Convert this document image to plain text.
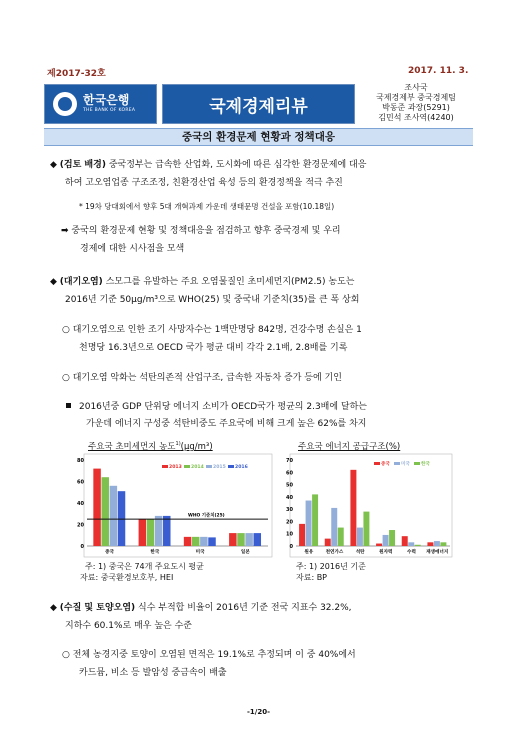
제2017-32호	2017. 11. 3.
한국은행
THE BANK OF KOREA	국제경제리뷰
조사국
국제경제부 중국경제팀
박동준 과장(5291)
김민석 조사역(4240)
중국의 환경문제 현황과 정책대응
◆ (검토 배경) 중국정부는 급속한 산업화, 도시화에 따른 심각한 환경문제에 대응
하여 고오염업종 구조조정, 친환경산업 육성 등의 환경정책을 적극 추진
* 19차 당대회에서 향후 5대 개혁과제 가운데 생태문명 건설을 포함(10.18일)
➡ 중국의 환경문제 현황 및 정책대응을 점검하고 향후 중국경제 및 우리
경제에 대한 시사점을 모색
◆ (대기오염) 스모그를 유발하는 주요 오염물질인 초미세먼지(PM2.5) 농도는
2016년 기준 50μg/m³으로 WHO(25) 및 중국내 기준치(35)를 큰 폭 상회
○ 대기오염으로 인한 조기 사망자수는 1백만명당 842명, 건강수명 손실은 1
천명당 16.3년으로 OECD 국가 평균 대비 각각 2.1배, 2.8배를 기록
○ 대기오염 악화는 석탄의존적 산업구조, 급속한 자동차 증가 등에 기인
2016년중 GDP 단위당 에너지 소비가 OECD국가 평균의 2.3배에 달하는
가운데 에너지 구성중 석탄비중도 주요국에 비해 크게 높은 62%를 차지
주요국 초미세먼지 농도$^{1)}$(μg/m³)	주요국 에너지 공급구조(%)
0
20
40
60
80
중국	한국	미국	일본
2013 2014 2015 2016
WHO 기준치(25)
0
10
20
30
40
50
60
70
원유	천연가스	석탄	원자력	수력 재생에너지
중국 미국 한국
주: 1) 중국은 74개 주요도시 평균
자료: 중국환경보호부, HEI
주: 1) 2016년 기준
자료: BP
◆ (수질 및 토양오염) 식수 부적합 비율이 2016년 기준 전국 지표수 32.2%,
지하수 60.1%로 매우 높은 수준
○ 전체 농경지중 토양이 오염된 면적은 19.1%로 추정되며 이 중 40%에서
카드뮴, 비소 등 발암성 중금속이 배출
-1/20-
